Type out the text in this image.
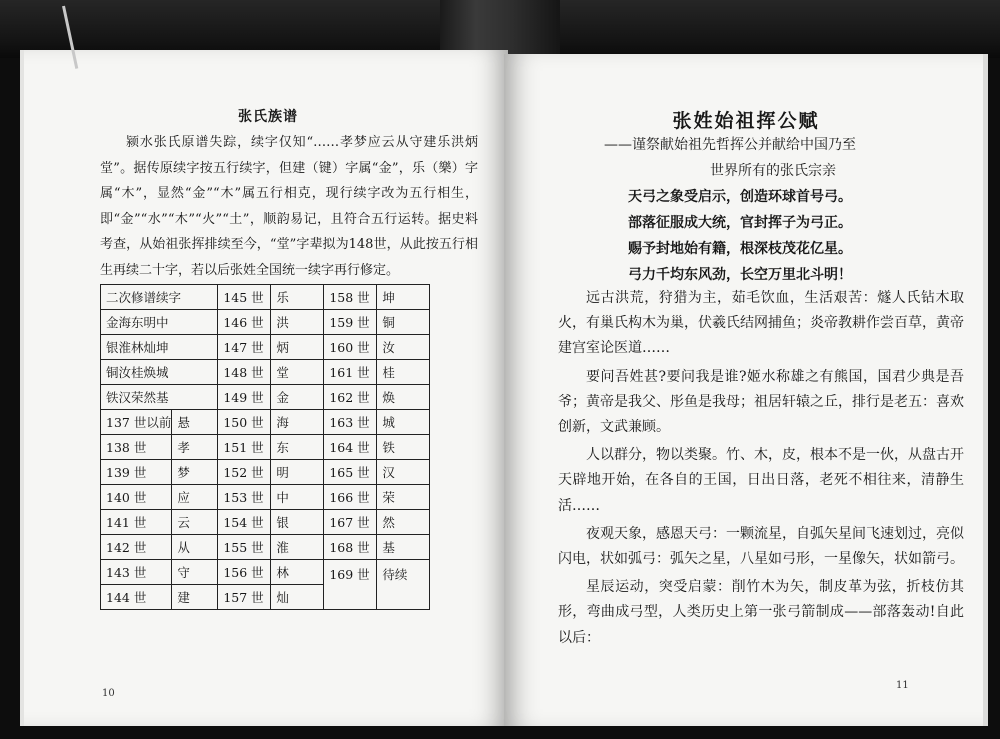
张氏族谱

颍水张氏原谱失踪，续字仅知“……孝梦应云从守建乐洪炳堂”。据传原续字按五行续字，但建（键）字属“金”，乐（樂）字属“木”，显然“金”“木”属五行相克，现行续字改为五行相生，即“金”“水”“木”“火”“土”，顺韵易记，且符合五行运转。据史料考查，从始祖张挥排续至今，“堂”字辈拟为148世，从此按五行相生再续二十字，若以后张姓全国统一续字再行修定。

二次修谱续字		145 世	乐	158 世	坤
金海东明中		146 世	洪	159 世	铜
银淮林灿坤		147 世	炳	160 世	汝
铜汝桂焕城		148 世	堂	161 世	桂
铁汉荣然基		149 世	金	162 世	焕
137 世以前	悬	150 世	海	163 世	城
138 世	孝	151 世	东	164 世	铁
139 世	梦	152 世	明	165 世	汉
140 世	应	153 世	中	166 世	荣
141 世	云	154 世	银	167 世	然
142 世	从	155 世	淮	168 世	基
143 世	守	156 世	林	169 世	待续
144 世	建	157 世	灿		
10
张姓始祖挥公赋
——谨祭献始祖先哲挥公并献给中国乃至
世界所有的张氏宗亲
天弓之象受启示，创造环球首号弓。
部落征服成大统，官封挥子为弓正。
赐予封地始有籍，根深枝茂花亿星。
弓力千均东风劲，长空万里北斗明！

远古洪荒，狩猎为主，茹毛饮血，生活艰苦：燧人氏钻木取火，有巢氏构木为巢，伏羲氏结网捕鱼；炎帝教耕作尝百草，黄帝建宫室论医道……

要问吾姓甚?要问我是谁?姬水称雄之有熊国，国君少典是吾爷；黄帝是我父、彤鱼是我母；祖居轩辕之丘，排行是老五：喜欢创新，文武兼顾。

人以群分，物以类聚。竹、木，皮，根本不是一伙，从盘古开天辟地开始，在各自的王国，日出日落，老死不相往来，清静生活……

夜观天象，感恩天弓：一颗流星，自弧矢星间飞速划过，亮似闪电，状如弧弓：弧矢之星，八星如弓形，一星像矢，状如箭弓。

星辰运动，突受启蒙：削竹木为矢，制皮革为弦，折枝仿其形，弯曲成弓型，人类历史上第一张弓箭制成——部落轰动!自此以后：

11
